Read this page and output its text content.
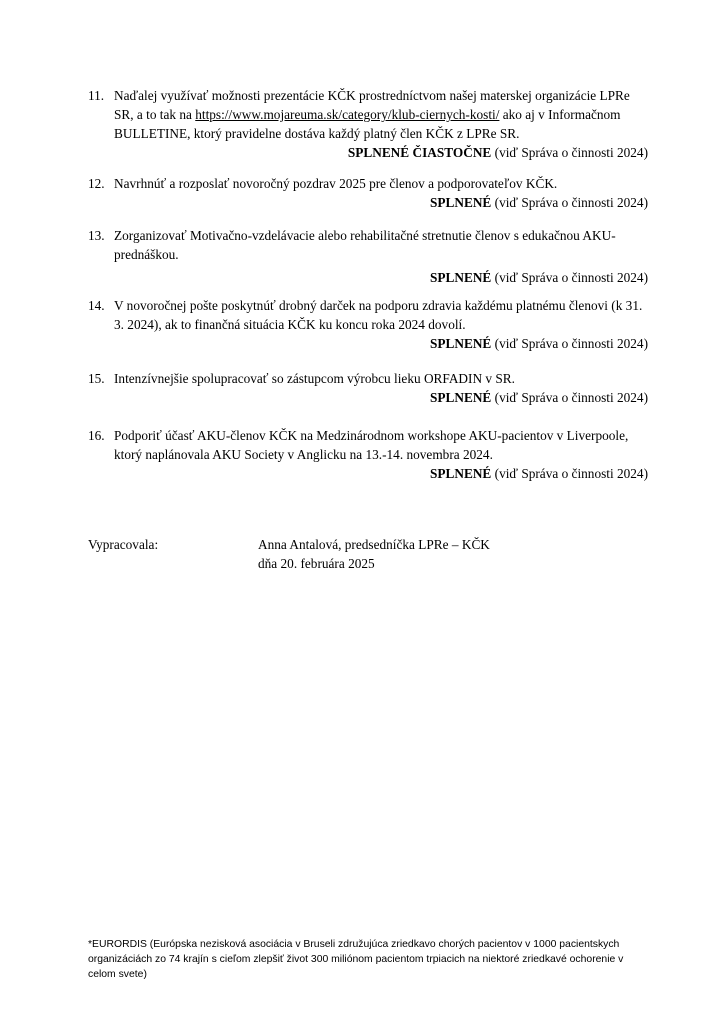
11. Naďalej využívať možnosti prezentácie KČK prostredníctvom našej materskej organizácie LPRe SR, a to tak na https://www.mojareuma.sk/category/klub-ciernych-kosti/ ako aj v Informačnom BULLETINE, ktorý pravidelne dostáva každý platný člen KČK z LPRe SR.
SPLNENÉ ČIASTOČNE (viď Správa o činnosti 2024)
12. Navrhnúť a rozposlať novoročný pozdrav 2025 pre členov a podporovateľov KČK.
SPLNENÉ (viď Správa o činnosti 2024)
13. Zorganizovať Motivačno-vzdelávacie alebo rehabilitačné stretnutie členov s edukačnou AKU-prednáškou.
SPLNENÉ (viď Správa o činnosti 2024)
14. V novoročnej pošte poskytnúť drobný darček na podporu zdravia každému platnému členovi (k 31. 3. 2024), ak to finančná situácia KČK ku koncu roka 2024 dovolí.
SPLNENÉ (viď Správa o činnosti 2024)
15. Intenzívnejšie spolupracovať so zástupcom výrobcu lieku ORFADIN v SR.
SPLNENÉ (viď Správa o činnosti 2024)
16. Podporiť účasť AKU-členov KČK na Medzinárodnom workshope AKU-pacientov v Liverpoole, ktorý naplánovala AKU Society v Anglicku na 13.-14. novembra 2024.
SPLNENÉ (viď Správa o činnosti 2024)
Vypracovala:	Anna Antalová, predsedníčka LPRe – KČK
dňa 20. februára 2025
*EURORDIS (Európska nezisková asociácia v Bruseli združujúca zriedkavo chorých pacientov v 1000 pacientskych organizáciách zo 74 krajín s cieľom zlepšiť život 300 miliónom pacientom trpiacich na niektoré zriedkavé ochorenie v celom svete)
